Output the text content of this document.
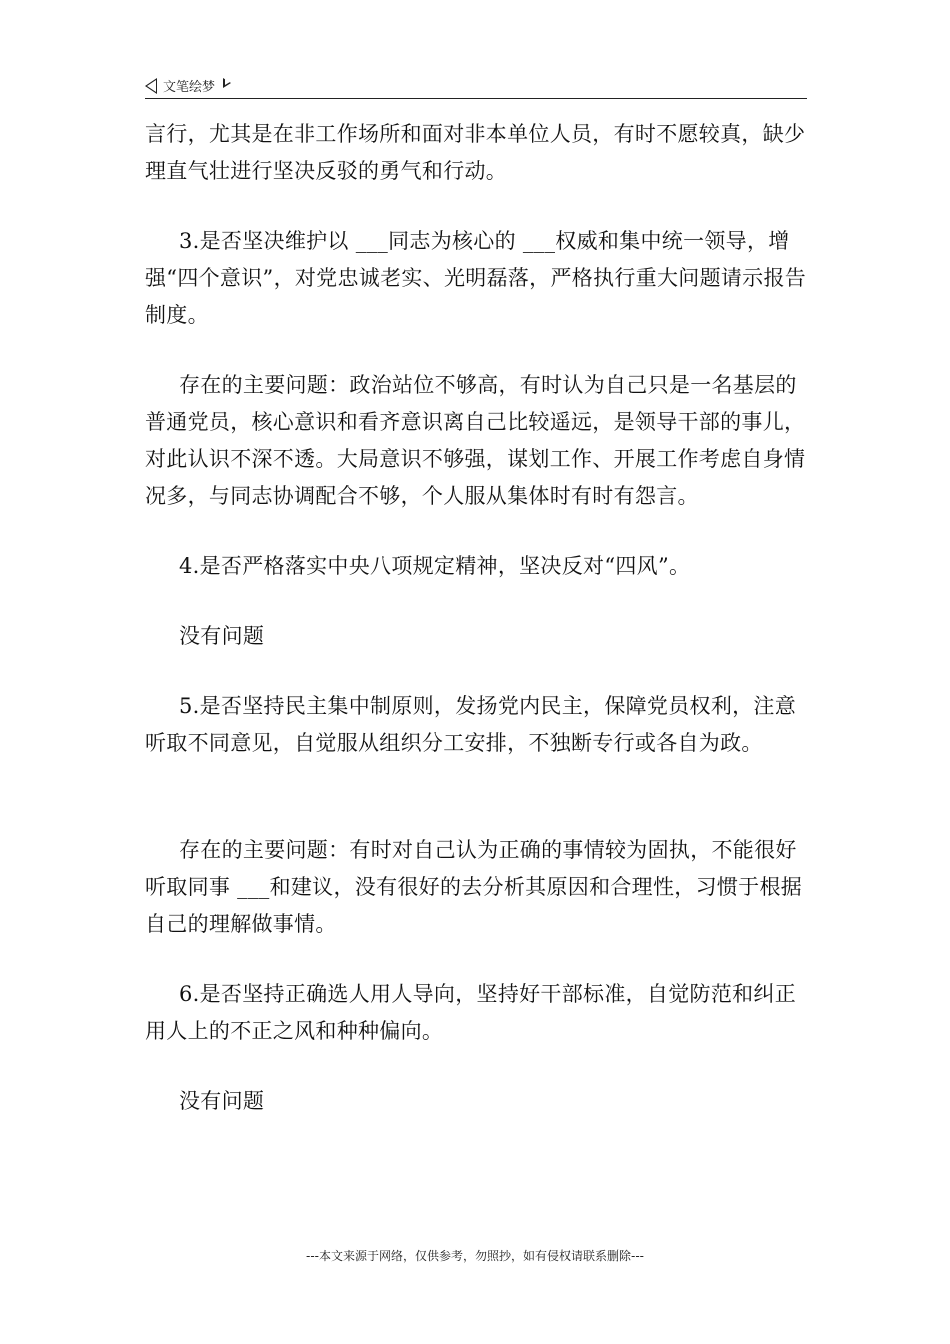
文笔绘梦

言行，尤其是在非工作场所和面对非本单位人员，有时不愿较真，缺少理直气壮进行坚决反驳的勇气和行动。

3.是否坚决维护以 ___同志为核心的 ___权威和集中统一领导，增强“四个意识”，对党忠诚老实、光明磊落，严格执行重大问题请示报告制度。

存在的主要问题：政治站位不够高，有时认为自己只是一名基层的普通党员，核心意识和看齐意识离自己比较遥远，是领导干部的事儿，对此认识不深不透。大局意识不够强，谋划工作、开展工作考虑自身情况多，与同志协调配合不够，个人服从集体时有时有怨言。

4.是否严格落实中央八项规定精神，坚决反对“四风”。

没有问题

5.是否坚持民主集中制原则，发扬党内民主，保障党员权利，注意听取不同意见，自觉服从组织分工安排，不独断专行或各自为政。

存在的主要问题：有时对自己认为正确的事情较为固执，不能很好听取同事 ___和建议，没有很好的去分析其原因和合理性，习惯于根据自己的理解做事情。

6.是否坚持正确选人用人导向，坚持好干部标准，自觉防范和纠正用人上的不正之风和种种偏向。

没有问题

---本文来源于网络，仅供参考，勿照抄，如有侵权请联系删除---
